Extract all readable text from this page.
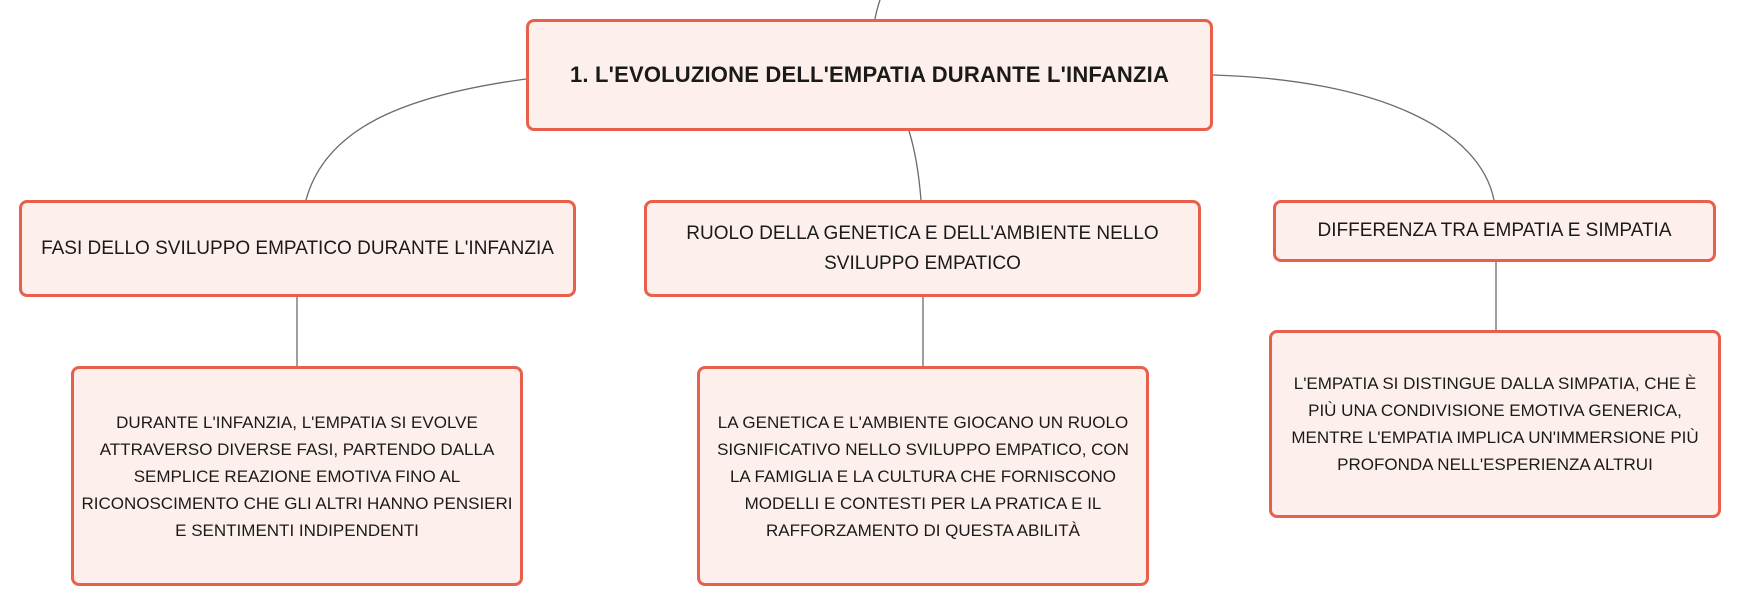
1. L'EVOLUZIONE DELL'EMPATIA DURANTE L'INFANZIA
FASI DELLO SVILUPPO EMPATICO DURANTE L'INFANZIA
RUOLO DELLA GENETICA E DELL'AMBIENTE NELLO SVILUPPO EMPATICO
DIFFERENZA TRA EMPATIA E SIMPATIA
DURANTE L'INFANZIA, L'EMPATIA SI EVOLVE ATTRAVERSO DIVERSE FASI, PARTENDO DALLA SEMPLICE REAZIONE EMOTIVA FINO AL RICONOSCIMENTO CHE GLI ALTRI HANNO PENSIERI E SENTIMENTI INDIPENDENTI
LA GENETICA E L'AMBIENTE GIOCANO UN RUOLO SIGNIFICATIVO NELLO SVILUPPO EMPATICO, CON LA FAMIGLIA E LA CULTURA CHE FORNISCONO MODELLI E CONTESTI PER LA PRATICA E IL RAFFORZAMENTO DI QUESTA ABILITÀ
L'EMPATIA SI DISTINGUE DALLA SIMPATIA, CHE È PIÙ UNA CONDIVISIONE EMOTIVA GENERICA, MENTRE L'EMPATIA IMPLICA UN'IMMERSIONE PIÙ PROFONDA NELL'ESPERIENZA ALTRUI
